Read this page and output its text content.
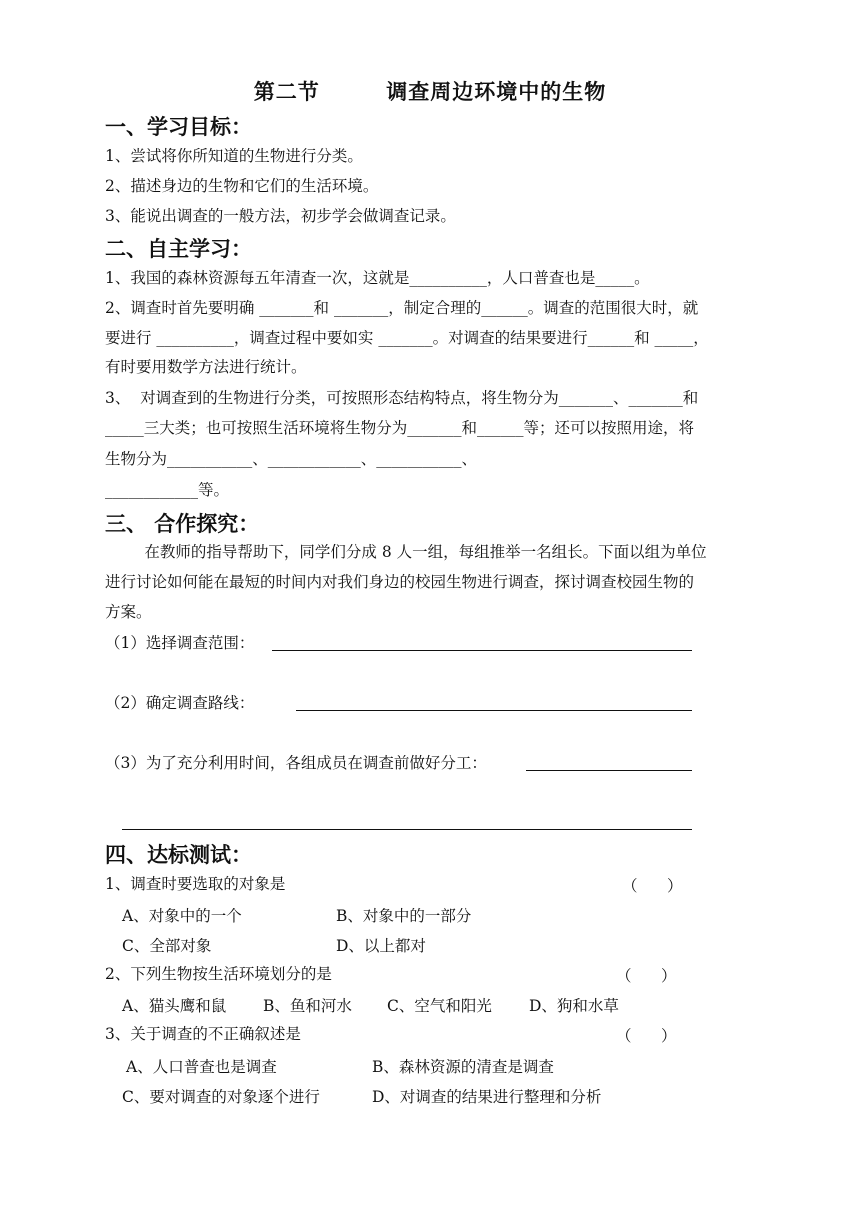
第二节        调查周边环境中的生物
一、学习目标：
1、尝试将你所知道的生物进行分类。
2、描述身边的生物和它们的生活环境。
3、能说出调查的一般方法，初步学会做调查记录。
二、自主学习：
1、我国的森林资源每五年清查一次，这就是__________，人口普查也是_____。
2、调查时首先要明确 _______和 _______，制定合理的______。调查的范围很大时，就
要进行 __________，调查过程中要如实 _______。对调查的结果要进行______和 _____，
有时要用数学方法进行统计。
3、  对调查到的生物进行分类，可按照形态结构特点，将生物分为_______、_______和
_____三大类；也可按照生活环境将生物分为_______和______等；还可以按照用途，将
生物分为___________、____________、___________、
____________等。
三、 合作探究：
在教师的指导帮助下，同学们分成 8 人一组，每组推举一名组长。下面以组为单位
进行讨论如何能在最短的时间内对我们身边的校园生物进行调查，探讨调查校园生物的
方案。
（1）选择调查范围：
（2）确定调查路线：
（3）为了充分利用时间，各组成员在调查前做好分工：
四、达标测试：
1、调查时要选取的对象是	（      ）
A、对象中的一个	B、对象中的一部分
C、全部对象	D、以上都对
2、下列生物按生活环境划分的是	（      ）
A、猫头鹰和鼠 B、鱼和河水 C、空气和阳光 D、狗和水草
3、关于调查的不正确叙述是	（      ）
A、人口普查也是调查	B、森林资源的清查是调查
C、要对调查的对象逐个进行	D、对调查的结果进行整理和分析
